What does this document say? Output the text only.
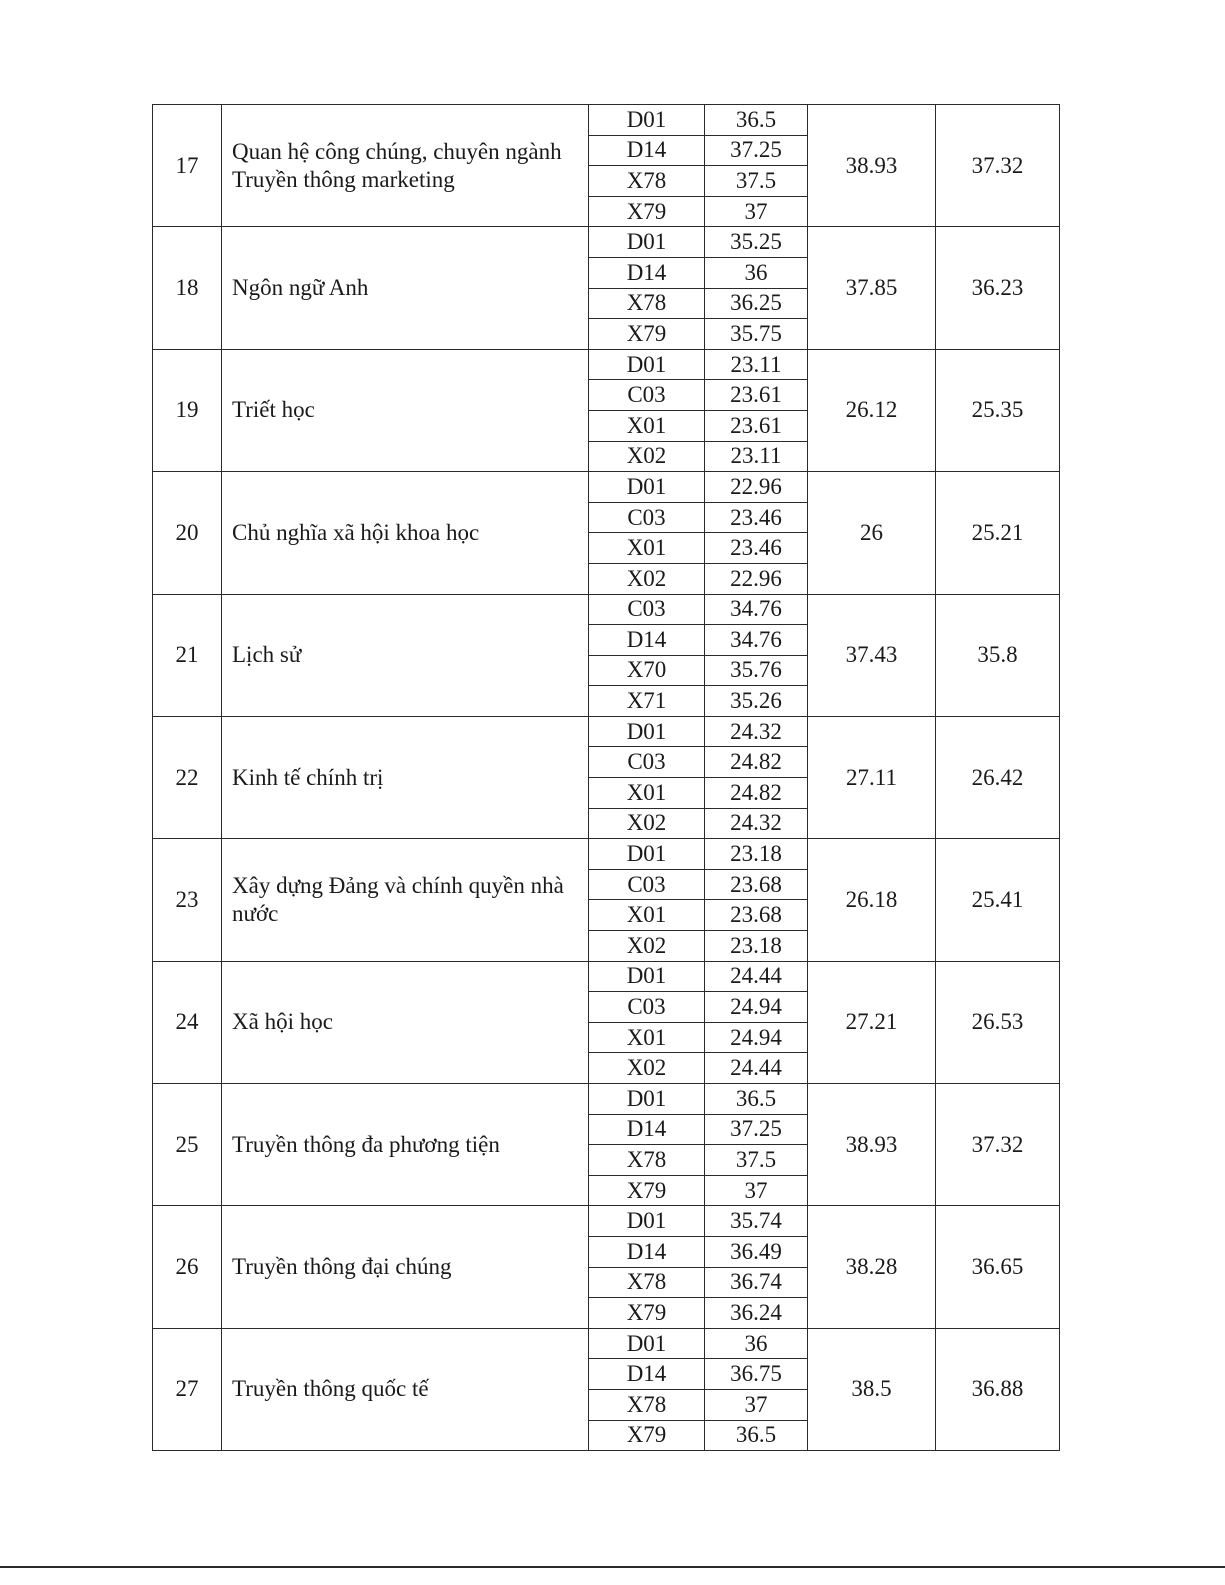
17	Quan hệ công chúng, chuyên ngành Truyền thông marketing	D01	36.5	38.93	37.32
		D14	37.25		
		X78	37.5		
		X79	37		
18	Ngôn ngữ Anh	D01	35.25	37.85	36.23
		D14	36		
		X78	36.25		
		X79	35.75		
19	Triết học	D01	23.11	26.12	25.35
		C03	23.61		
		X01	23.61		
		X02	23.11		
20	Chủ nghĩa xã hội khoa học	D01	22.96	26	25.21
		C03	23.46		
		X01	23.46		
		X02	22.96		
21	Lịch sử	C03	34.76	37.43	35.8
		D14	34.76		
		X70	35.76		
		X71	35.26		
22	Kinh tế chính trị	D01	24.32	27.11	26.42
		C03	24.82		
		X01	24.82		
		X02	24.32		
23	Xây dựng Đảng và chính quyền nhà nước	D01	23.18	26.18	25.41
		C03	23.68		
		X01	23.68		
		X02	23.18		
24	Xã hội học	D01	24.44	27.21	26.53
		C03	24.94		
		X01	24.94		
		X02	24.44		
25	Truyền thông đa phương tiện	D01	36.5	38.93	37.32
		D14	37.25		
		X78	37.5		
		X79	37		
26	Truyền thông đại chúng	D01	35.74	38.28	36.65
		D14	36.49		
		X78	36.74		
		X79	36.24		
27	Truyền thông quốc tế	D01	36	38.5	36.88
		D14	36.75		
		X78	37		
		X79	36.5		
